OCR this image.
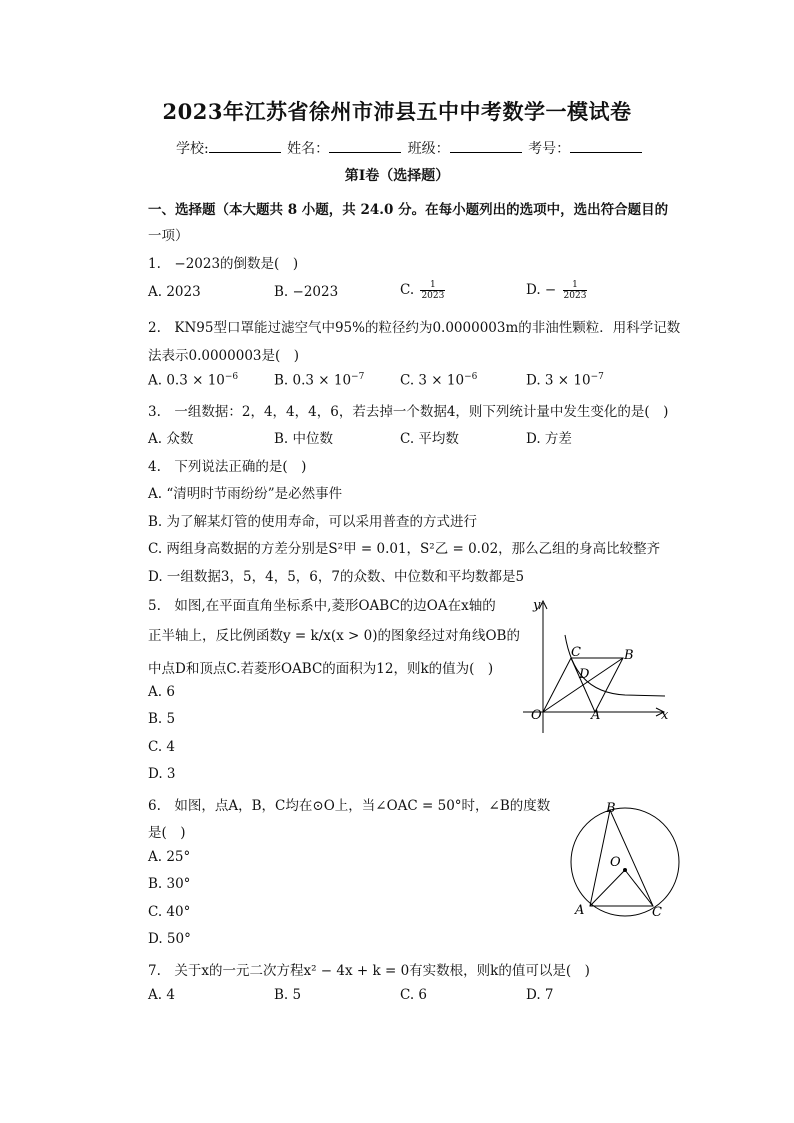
2023年江苏省徐州市沛县五中中考数学一模试卷
学校:	姓名：	班级：	考号：
第I卷（选择题）
一、选择题（本大题共 8 小题，共 24.0 分。在每小题列出的选项中，选出符合题目的
一项）
1.　−2023的倒数是(　)
A. 2023	B. −2023	C. $\frac{1}{2023}$	D. − $\frac{1}{2023}$
2.　KN95型口罩能过滤空气中95%的粒径约为0.0000003m的非油性颗粒．用科学记数
法表示0.0000003是(　)
A. $0.3 \times 10^{-6}$	B. $0.3 \times 10^{-7}$	C. $3 \times 10^{-6}$	D. $3 \times 10^{-7}$
3.　一组数据：2，4，4，4，6，若去掉一个数据4，则下列统计量中发生变化的是(　)
A. 众数	B. 中位数	C. 平均数	D. 方差
4.　下列说法正确的是(　)
A. “清明时节雨纷纷”是必然事件
B. 为了解某灯管的使用寿命，可以采用普查的方式进行
C. 两组身高数据的方差分别是S²甲 = 0.01，S²乙 = 0.02，那么乙组的身高比较整齐
D. 一组数据3，5，4，5，6，7的众数、中位数和平均数都是5
5.　如图,在平面直角坐标系中,菱形OABC的边OA在x轴的
正半轴上，反比例函数y = k/x(x > 0)的图象经过对角线OB的
中点D和顶点C.若菱形OABC的面积为12，则k的值为(　)
A. 6
B. 5
C. 4
D. 3
y
x
O	A
B
C
D
6.　如图，点A，B，C均在⊙O上，当∠OAC = 50°时，∠B的度数
是(　)
A. 25°
B. 30°
C. 40°
D. 50°
B
O
A	C
7.　关于x的一元二次方程x² − 4x + k = 0有实数根，则k的值可以是(　)
A. 4	B. 5	C. 6	D. 7
